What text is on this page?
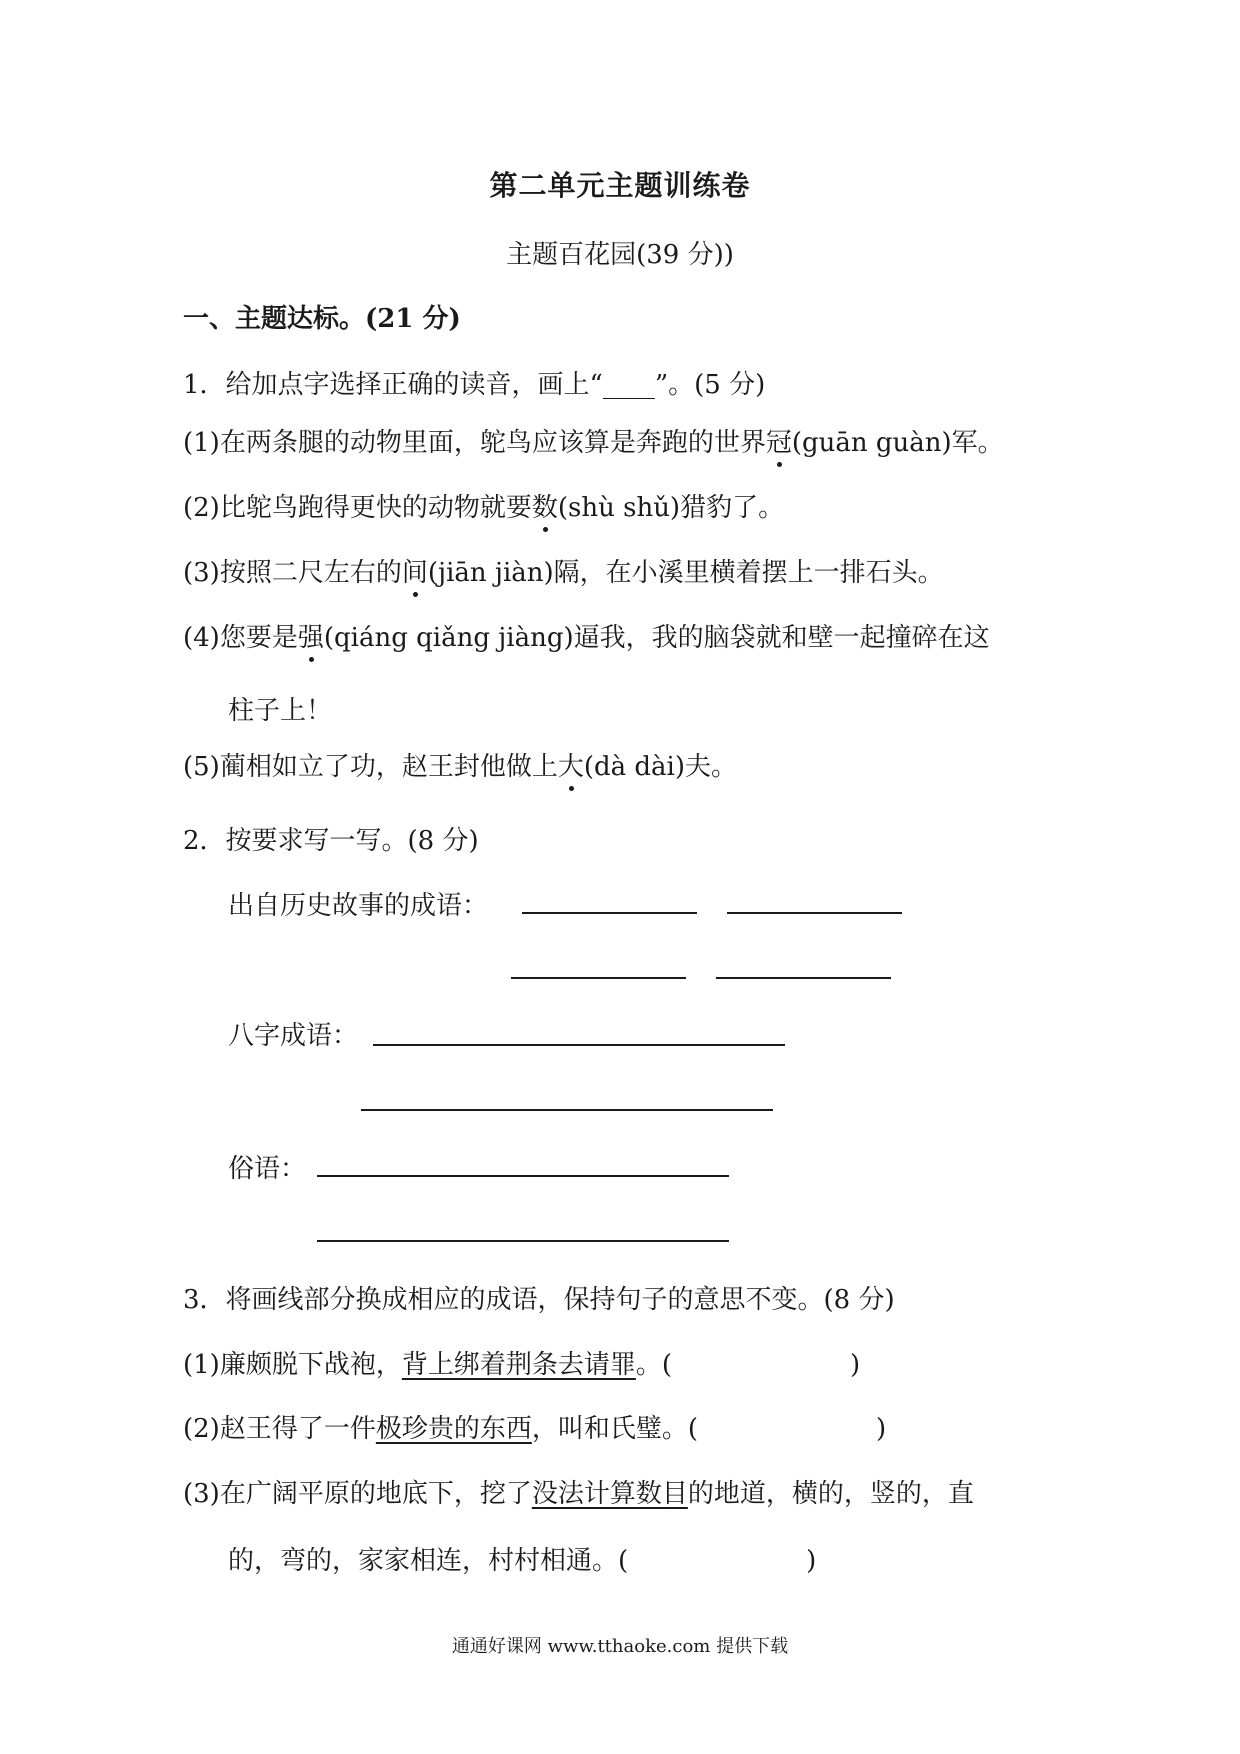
第二单元主题训练卷
主题百花园(39 分))
一、主题达标。(21 分)
1．给加点字选择正确的读音，画上“____”。(5 分)
(1)在两条腿的动物里面，鸵鸟应该算是奔跑的世界冠(guān guàn)军。
(2)比鸵鸟跑得更快的动物就要数(shù shǔ)猎豹了。
(3)按照二尺左右的间(jiān jiàn)隔，在小溪里横着摆上一排石头。
(4)您要是强(qiáng qiǎng jiàng)逼我，我的脑袋就和壁一起撞碎在这
柱子上！
(5)蔺相如立了功，赵王封他做上大(dà dài)夫。
2．按要求写一写。(8 分)
出自历史故事的成语：
八字成语：
俗语：
3．将画线部分换成相应的成语，保持句子的意思不变。(8 分)
(1)廉颇脱下战袍，背上绑着荆条去请罪。(	)
(2)赵王得了一件极珍贵的东西，叫和氏璧。(	)
(3)在广阔平原的地底下，挖了没法计算数目的地道，横的，竖的，直
的，弯的，家家相连，村村相通。(	)
通通好课网 www.tthaoke.com 提供下载
